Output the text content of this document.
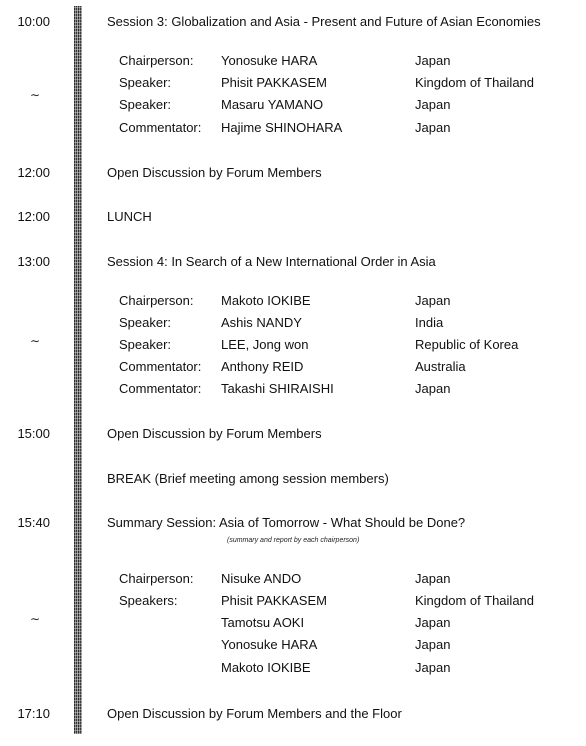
10:00	Session 3: Globalization and Asia - Present and Future of Asian Economies
∼
Chairperson: Yonosuke HARA	Japan
Speaker:	Phisit PAKKASEM	Kingdom of Thailand
Speaker:	Masaru YAMANO	Japan
Commentator: Hajime SHINOHARA	Japan
12:00	Open Discussion by Forum Members
12:00	LUNCH
13:00	Session 4: In Search of a New International Order in Asia
∼
Chairperson: Makoto IOKIBE	Japan
Speaker:	Ashis NANDY	India
Speaker:	LEE, Jong won	Republic of Korea
Commentator: Anthony REID	Australia
Commentator: Takashi SHIRAISHI	Japan
15:00	Open Discussion by Forum Members
BREAK (Brief meeting among session members)
15:40	Summary Session: Asia of Tomorrow - What Should be Done?
(summary and report by each chairperson)
∼
Chairperson: Nisuke ANDO	Japan
Speakers:	Phisit PAKKASEM	Kingdom of Thailand
Tamotsu AOKI	Japan
Yonosuke HARA	Japan
Makoto IOKIBE	Japan
17:10	Open Discussion by Forum Members and the Floor
